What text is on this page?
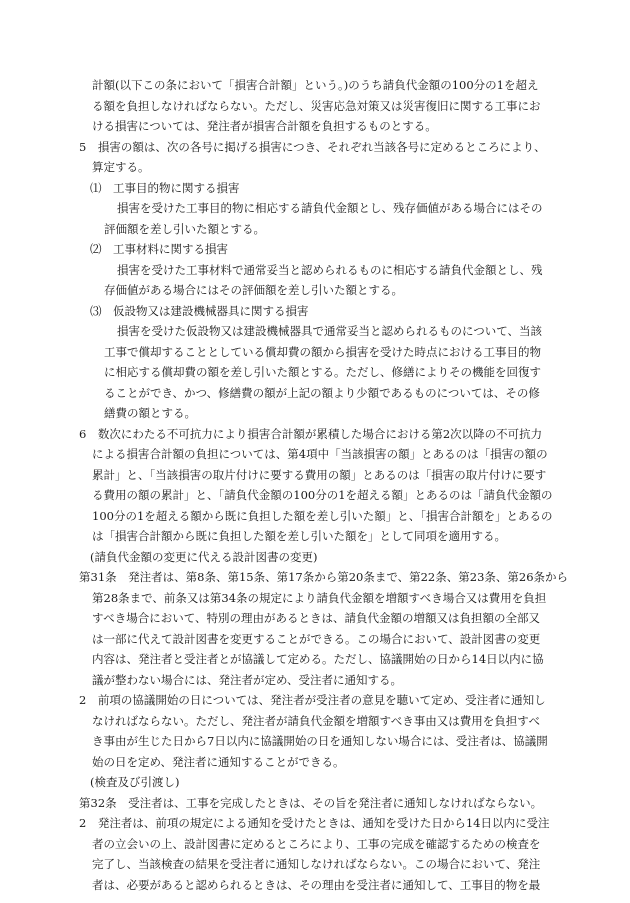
計額(以下この条において「損害合計額」という。)のうち請負代金額の100分の1を超え
る額を負担しなければならない。ただし、災害応急対策又は災害復旧に関する工事にお
ける損害については、発注者が損害合計額を負担するものとする。
5　損害の額は、次の各号に掲げる損害につき、それぞれ当該各号に定めるところにより、
算定する。
⑴　工事目的物に関する損害
損害を受けた工事目的物に相応する請負代金額とし、残存価値がある場合にはその
評価額を差し引いた額とする。
⑵　工事材料に関する損害
損害を受けた工事材料で通常妥当と認められるものに相応する請負代金額とし、残
存価値がある場合にはその評価額を差し引いた額とする。
⑶　仮設物又は建設機械器具に関する損害
損害を受けた仮設物又は建設機械器具で通常妥当と認められるものについて、当該
工事で償却することとしている償却費の額から損害を受けた時点における工事目的物
に相応する償却費の額を差し引いた額とする。ただし、修繕によりその機能を回復す
ることができ、かつ、修繕費の額が上記の額より少額であるものについては、その修
繕費の額とする。
6　数次にわたる不可抗力により損害合計額が累積した場合における第2次以降の不可抗力
による損害合計額の負担については、第4項中「当該損害の額」とあるのは「損害の額の
累計」と、「当該損害の取片付けに要する費用の額」とあるのは「損害の取片付けに要す
る費用の額の累計」と、「請負代金額の100分の1を超える額」とあるのは「請負代金額の
100分の1を超える額から既に負担した額を差し引いた額」と、「損害合計額を」とあるの
は「損害合計額から既に負担した額を差し引いた額を」として同項を適用する。
(請負代金額の変更に代える設計図書の変更)
第31条　発注者は、第8条、第15条、第17条から第20条まで、第22条、第23条、第26条から
第28条まで、前条又は第34条の規定により請負代金額を増額すべき場合又は費用を負担
すべき場合において、特別の理由があるときは、請負代金額の増額又は負担額の全部又
は一部に代えて設計図書を変更することができる。この場合において、設計図書の変更
内容は、発注者と受注者とが協議して定める。ただし、協議開始の日から14日以内に協
議が整わない場合には、発注者が定め、受注者に通知する。
2　前項の協議開始の日については、発注者が受注者の意見を聴いて定め、受注者に通知し
なければならない。ただし、発注者が請負代金額を増額すべき事由又は費用を負担すべ
き事由が生じた日から7日以内に協議開始の日を通知しない場合には、受注者は、協議開
始の日を定め、発注者に通知することができる。
(検査及び引渡し)
第32条　受注者は、工事を完成したときは、その旨を発注者に通知しなければならない。
2　発注者は、前項の規定による通知を受けたときは、通知を受けた日から14日以内に受注
者の立会いの上、設計図書に定めるところにより、工事の完成を確認するための検査を
完了し、当該検査の結果を受注者に通知しなければならない。この場合において、発注
者は、必要があると認められるときは、その理由を受注者に通知して、工事目的物を最
